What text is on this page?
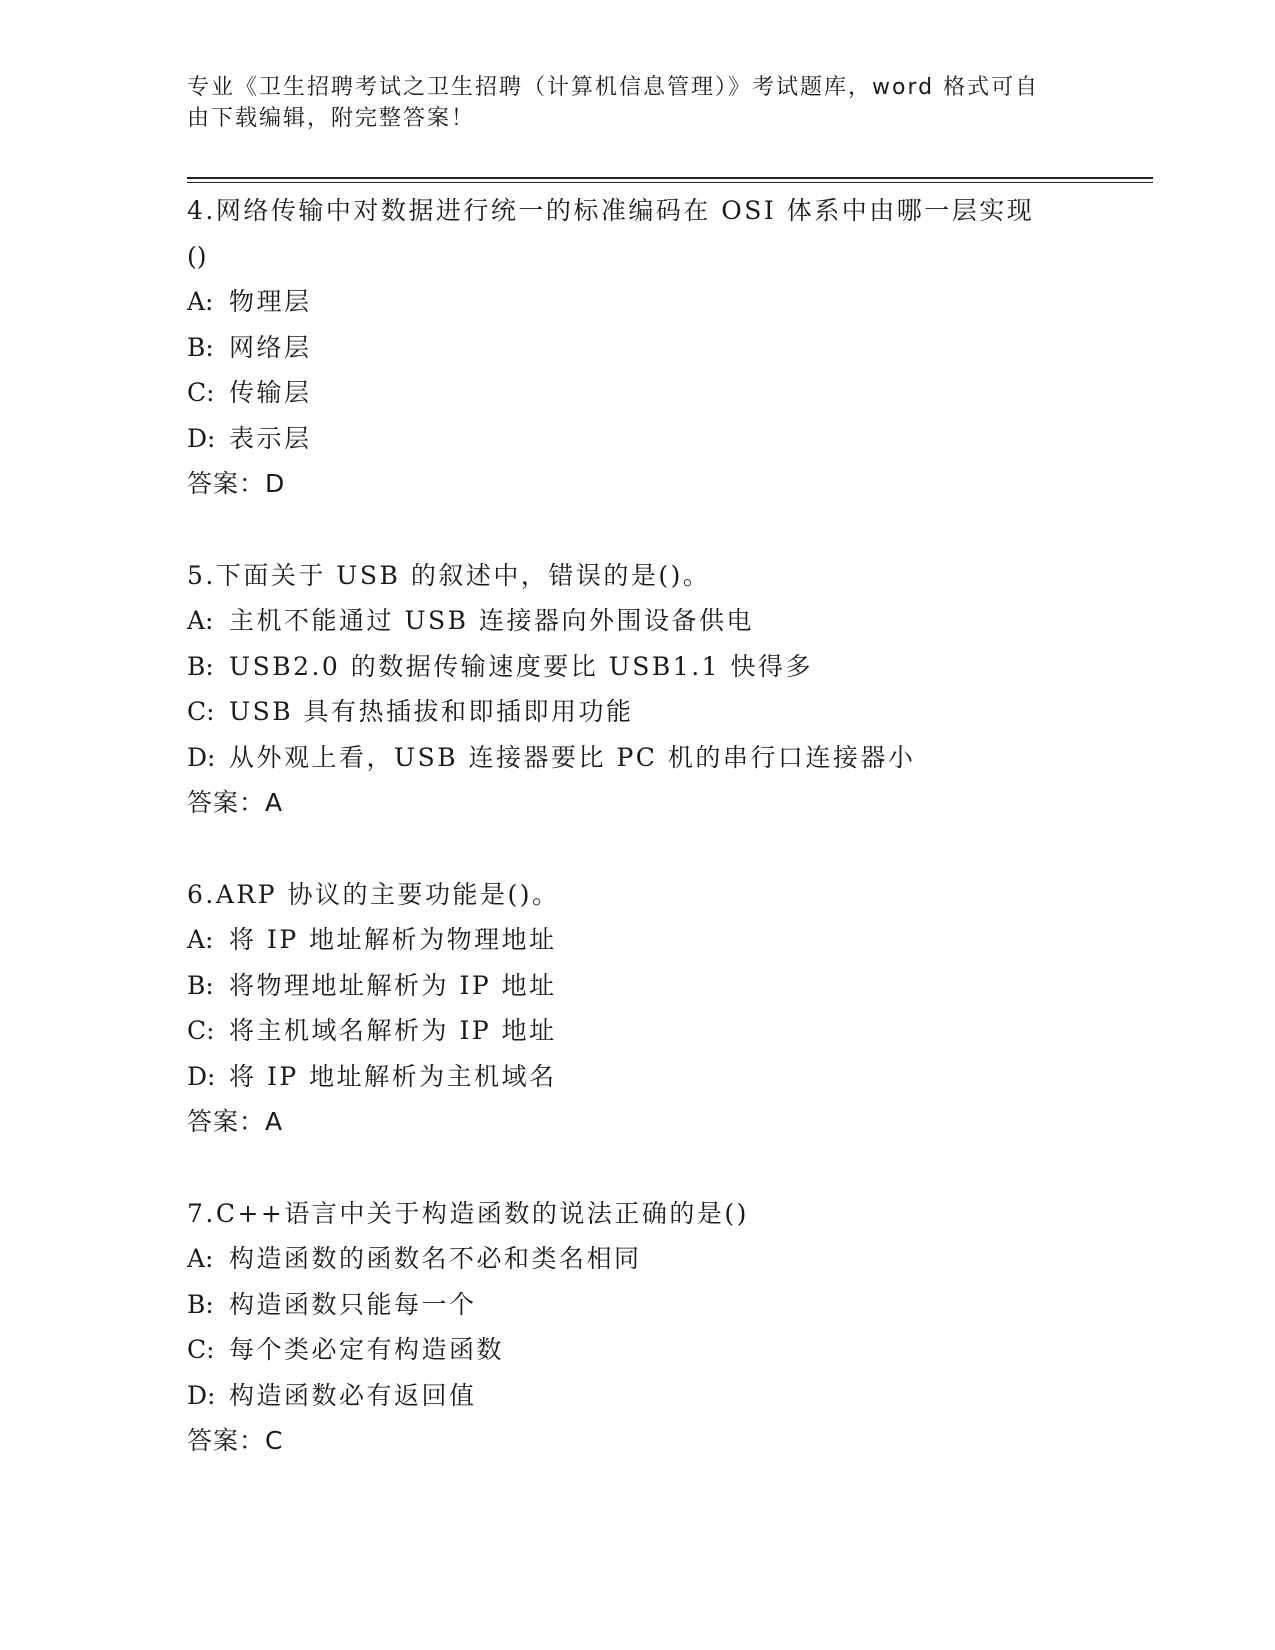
专业《卫生招聘考试之卫生招聘（计算机信息管理）》考试题库，word 格式可自
由下载编辑，附完整答案！
4.网络传输中对数据进行统一的标准编码在 OSI 体系中由哪一层实现
()
A: 物理层
B: 网络层
C: 传输层
D: 表示层
答案：D
5.下面关于 USB 的叙述中，错误的是()。
A: 主机不能通过 USB 连接器向外围设备供电
B: USB2.0 的数据传输速度要比 USB1.1 快得多
C: USB 具有热插拔和即插即用功能
D: 从外观上看，USB 连接器要比 PC 机的串行口连接器小
答案：A
6.ARP 协议的主要功能是()。
A: 将 IP 地址解析为物理地址
B: 将物理地址解析为 IP 地址
C: 将主机域名解析为 IP 地址
D: 将 IP 地址解析为主机域名
答案：A
7.C++语言中关于构造函数的说法正确的是()
A: 构造函数的函数名不必和类名相同
B: 构造函数只能每一个
C: 每个类必定有构造函数
D: 构造函数必有返回值
答案：C
